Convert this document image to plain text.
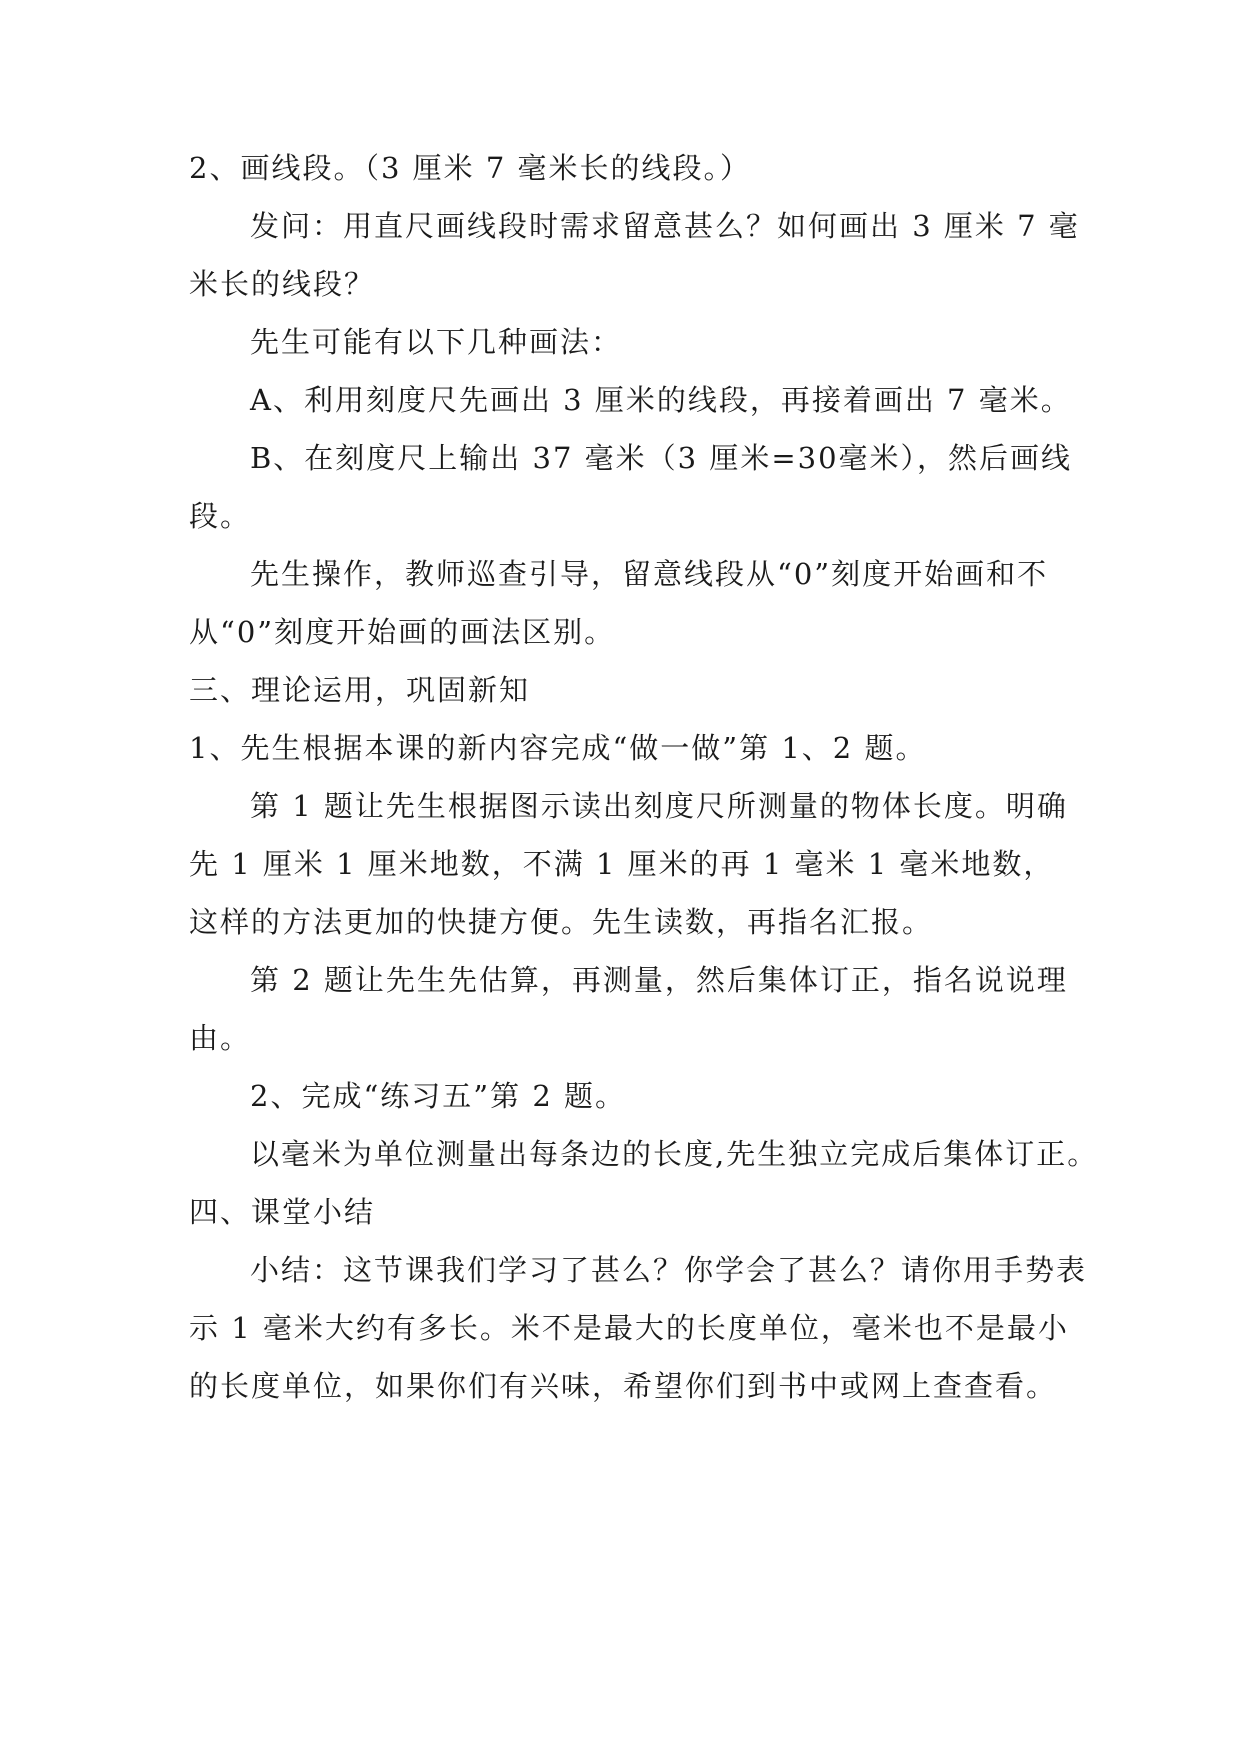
2、画线段。（3 厘米 7 毫米长的线段。）
发问：用直尺画线段时需求留意甚么？如何画出 3 厘米 7 毫
米长的线段？
先生可能有以下几种画法：
A、利用刻度尺先画出 3 厘米的线段，再接着画出 7 毫米。
B、在刻度尺上输出 37 毫米（3 厘米=30毫米），然后画线
段。
先生操作，教师巡查引导，留意线段从“0”刻度开始画和不
从“0”刻度开始画的画法区别。
三、理论运用，巩固新知
1、先生根据本课的新内容完成“做一做”第 1、2 题。
第 1 题让先生根据图示读出刻度尺所测量的物体长度。明确
先 1 厘米 1 厘米地数，不满 1 厘米的再 1 毫米 1 毫米地数，
这样的方法更加的快捷方便。先生读数，再指名汇报。
第 2 题让先生先估算，再测量，然后集体订正，指名说说理
由。
2、完成“练习五”第 2 题。
以毫米为单位测量出每条边的长度,先生独立完成后集体订正。
四、课堂小结
小结：这节课我们学习了甚么？你学会了甚么？请你用手势表
示 1 毫米大约有多长。米不是最大的长度单位，毫米也不是最小
的长度单位，如果你们有兴味，希望你们到书中或网上查查看。
